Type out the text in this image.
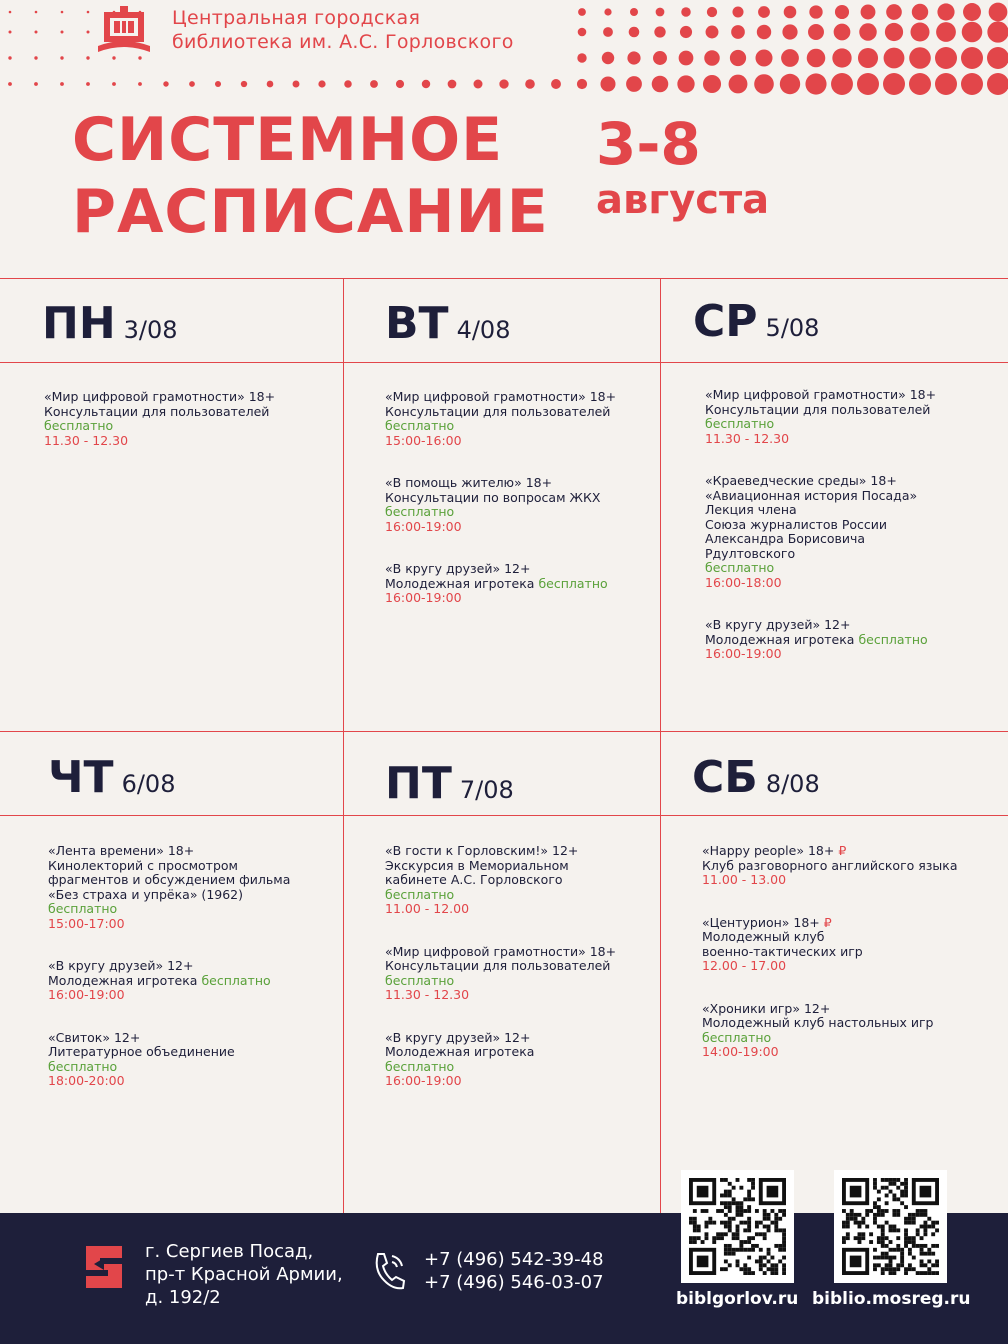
Центральная городская
библиотека им. А.С. Горловского
СИСТЕМНОЕ
РАСПИСАНИЕ
3-8
августа
ПН 3/08
«Мир цифровой грамотности» 18+
Консультации для пользователей
бесплатно
11.30 - 12.30
ВТ 4/08
«Мир цифровой грамотности» 18+
Консультации для пользователей
бесплатно
15:00-16:00
«В помощь жителю» 18+
Консультации по вопросам ЖКХ
бесплатно
16:00-19:00
«В кругу друзей» 12+
Молодежная игротека бесплатно
16:00-19:00
СР 5/08
«Мир цифровой грамотности» 18+
Консультации для пользователей
бесплатно
11.30 - 12.30
«Краеведческие среды» 18+
«Авиационная история Посада»
Лекция члена
Союза журналистов России
Александра Борисовича
Рдултовского
бесплатно
16:00-18:00
«В кругу друзей» 12+
Молодежная игротека бесплатно
16:00-19:00
ЧТ 6/08
«Лента времени» 18+
Кинолекторий с просмотром
фрагментов и обсуждением фильма
«Без страха и упрёка» (1962)
бесплатно
15:00-17:00
«В кругу друзей» 12+
Молодежная игротека бесплатно
16:00-19:00
«Свиток» 12+
Литературное объединение
бесплатно
18:00-20:00
ПТ 7/08
«В гости к Горловским!» 12+
Экскурсия в Мемориальном
кабинете А.С. Горловского
бесплатно
11.00 - 12.00
«Мир цифровой грамотности» 18+
Консультации для пользователей
бесплатно
11.30 - 12.30
«В кругу друзей» 12+
Молодежная игротека
бесплатно
16:00-19:00
СБ 8/08
«Happy people» 18+ ₽
Клуб разговорного английского языка
11.00 - 13.00
«Центурион» 18+ ₽
Молодежный клуб
военно-тактических игр
12.00 - 17.00
«Хроники игр» 12+
Молодежный клуб настольных игр
бесплатно
14:00-19:00
г. Сергиев Посад,
пр-т Красной Армии,
д. 192/2
+7 (496) 542-39-48
+7 (496) 546-03-07
biblgorlov.ru biblio.mosreg.ru
